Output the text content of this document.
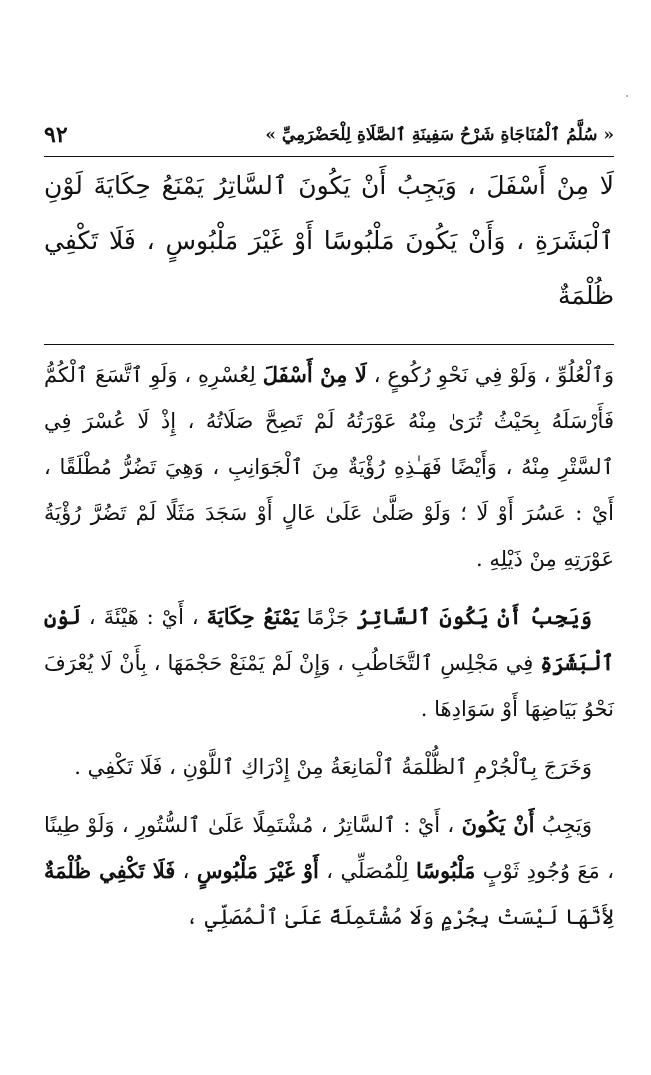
« سُلَّمُ ٱلْمُنَاجَاةِ شَرْحُ سَفِينَةِ ٱلصَّلَاةِ لِلْحَضْرَمِيِّ »
٩٢
لَا مِنْ أَسْفَلَ ، وَيَجِبُ أَنْ يَكُونَ ٱلسَّاتِرُ يَمْنَعُ حِكَايَةَ لَوْنِ ٱلْبَشَرَةِ ، وَأَنْ يَكُونَ مَلْبُوسًا أَوْ غَيْرَ مَلْبُوسٍ ، فَلَا تَكْفِي ظُلْمَةٌ

وَٱلْعُلُوِّ ، وَلَوْ فِي نَحْوِ رُكُوعٍ ، لَا مِنْ أَسْفَلَ لِعُسْرِهِ ، وَلَوِ ٱتَّسَعَ ٱلْكُمُّ فَأَرْسَلَهُ بِحَيْثُ تُرَىٰ مِنْهُ عَوْرَتُهُ لَمْ تَصِحَّ صَلَاتُهُ ، إِذْ لَا عُسْرَ فِي ٱلسَّتْرِ مِنْهُ ، وَأَيْضًا فَهَـٰذِهِ رُؤْيَةٌ مِنَ ٱلْجَوَانِبِ ، وَهِيَ تَضُرُّ مُطْلَقًا ، أَيْ : عَسُرَ أَوْ لَا ؛ وَلَوْ صَلَّىٰ عَلَىٰ عَالٍ أَوْ سَجَدَ مَثَلًا لَمْ تَضُرَّ رُؤْيَةُ عَوْرَتِهِ مِنْ ذَيْلِهِ .

وَيَجِبُ أَنْ يَكُونَ ٱلسَّاتِرُ جَزْمًا يَمْنَعُ حِكَايَةَ ، أَيْ : هَيْئَةَ ، لَوْنِ ٱلْبَشَرَةِ فِي مَجْلِسِ ٱلتَّخَاطُبِ ، وَإِنْ لَمْ يَمْنَعْ حَجْمَهَا ، بِأَنْ لَا يُعْرَفَ نَحْوُ بَيَاضِهَا أَوْ سَوَادِهَا .

وَخَرَجَ بِٱلْجُرْمِ ٱلظُّلْمَةُ ٱلْمَانِعَةُ مِنْ إِدْرَاكِ ٱللَّوْنِ ، فَلَا تَكْفِي .

وَيَجِبُ أَنْ يَكُونَ ، أَيْ : ٱلسَّاتِرُ ، مُشْتَمِلًا عَلَىٰ ٱلسُّتُورِ ، وَلَوْ طِينًا ، مَعَ وُجُودِ ثَوْبٍ مَلْبُوسًا لِلْمُصَلِّي ، أَوْ غَيْرَ مَلْبُوسٍ ، فَلَا تَكْفِي ظُلْمَةٌ لِأَنَّهَا لَيْسَتْ بِجُرْمٍ وَلَا مُشْتَمِلَةً عَلَىٰ ٱلْمُصَلِّي ،
